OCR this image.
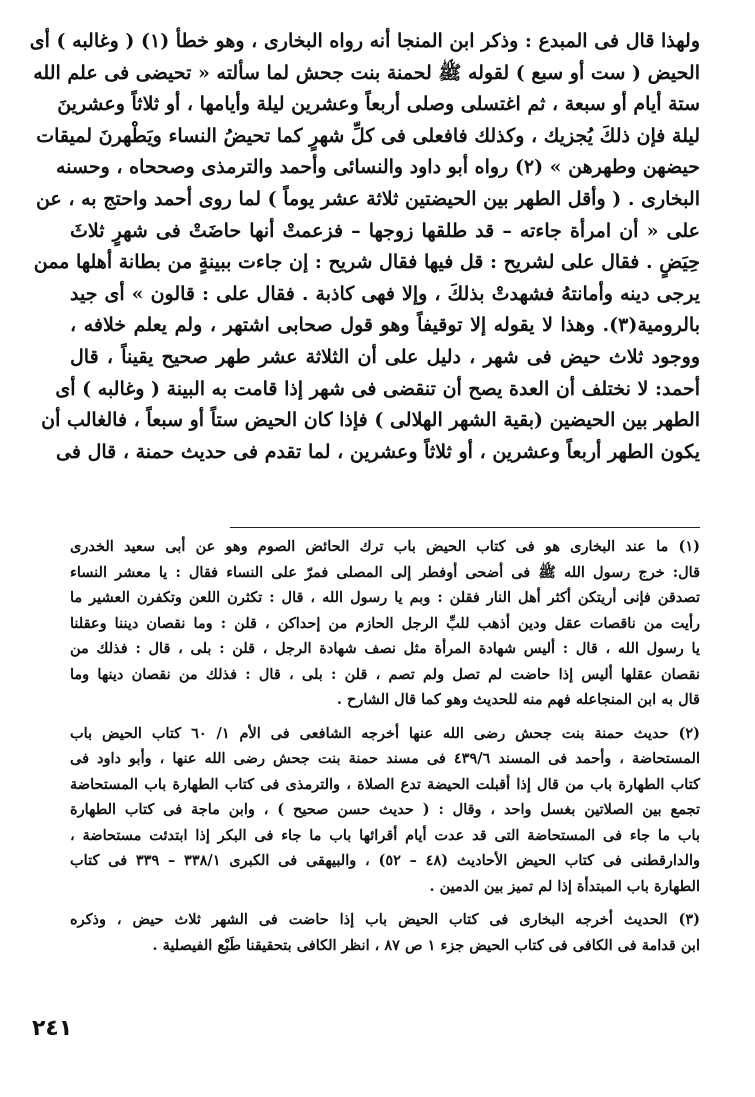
ولهذا قال فى المبدع : وذكر ابن المنجا أنه رواه البخارى ، وهو خطأ (١) ( وغالبه ) أى
الحيض ( ست أو سبع ) لقوله ﷺ لحمنة بنت جحش لما سألته « تحيضى فى علم الله
ستة أيام أو سبعة ، ثم اغتسلى وصلى أربعاً وعشرين ليلة وأيامها ، أو ثلاثاً وعشرينَ
ليلة فإن ذلكَ يُجزيك ، وكذلك فافعلى فى كلِّ شهرٍ كما تحيضُ النساء ويَطْهرنَ لميقات
حيضهن وطهرهن » (٢) رواه أبو داود والنسائى وأحمد والترمذى وصححاه ، وحسنه
البخارى . ( وأقل الطهر بين الحيضتين ثلاثة عشر يوماً ) لما روى أحمد واحتج به ، عن
على « أن امرأة جاءته – قد طلقها زوجها – فزعمتْ أنها حاضَتْ فى شهرٍ ثلاثَ
حِيَضٍ . فقال على لشريح : قل فيها فقال شريح : إن جاءت ببينةٍ من بطانة أهلها ممن
يرجى دينه وأمانتهُ فشهدتْ بذلكَ ، وإلا فهى كاذبة . فقال على : قالون » أى جيد
بالرومية(٣). وهذا لا يقوله إلا توقيفاً وهو قول صحابى اشتهر ، ولم يعلم خلافه ،
ووجود ثلاث حيض فى شهر ، دليل على أن الثلاثة عشر طهر صحيح يقيناً ، قال
أحمد: لا نختلف أن العدة يصح أن تنقضى فى شهر إذا قامت به البينة ( وغالبه ) أى
الطهر بين الحيضين (بقية الشهر الهلالى ) فإذا كان الحيض ستاً أو سبعاً ، فالغالب أن
يكون الطهر أربعاً وعشرين ، أو ثلاثاً وعشرين ، لما تقدم فى حديث حمنة ، قال فى
(١) ما عند البخارى هو فى كتاب الحيض باب ترك الحائض الصوم وهو عن أبى سعيد الخدرى
قال: خرج رسول الله ﷺ فى أضحى أوفطر إلى المصلى فمرّ على النساء فقال : يا معشر النساء
تصدقن فإنى أريتكن أكثر أهل النار فقلن : وبم يا رسول الله ، قال : تكثرن اللعن وتكفرن العشير ما
رأيت من ناقصات عقل ودين أذهب للبِّ الرجل الحازم من إحداكن ، قلن : وما نقصان ديننا وعقلنا
يا رسول الله ، قال : أليس شهادة المرأة مثل نصف شهادة الرجل ، قلن : بلى ، قال : فذلك من
نقصان عقلها أليس إذا حاضت لم تصل ولم تصم ، قلن : بلى ، قال : فذلك من نقصان دينها وما
قال به ابن المنجاعله فهم منه للحديث وهو كما قال الشارح .
(٢) حديث حمنة بنت جحش رضى الله عنها أخرجه الشافعى فى الأم ١/ ٦٠ كتاب الحيض باب
المستحاضة ، وأحمد فى المسند ٤٣٩/٦ فى مسند حمنة بنت جحش رضى الله عنها ، وأبو داود فى
كتاب الطهارة باب من قال إذا أقبلت الحيضة تدع الصلاة ، والترمذى فى كتاب الطهارة باب المستحاضة
تجمع بين الصلاتين بغسل واحد ، وقال : ( حديث حسن صحيح ) ، وابن ماجة فى كتاب الطهارة
باب ما جاء فى المستحاضة التى قد عدت أيام أقرائها باب ما جاء فى البكر إذا ابتدئت مستحاضة ،
والدارقطنى فى كتاب الحيض الأحاديث (٤٨ – ٥٢) ، والبيهقى فى الكبرى ٣٣٨/١ – ٣٣٩ فى كتاب
الطهارة باب المبتدأة إذا لم تميز بين الدمين .
(٣) الحديث أخرجه البخارى فى كتاب الحيض باب إذا حاضت فى الشهر ثلاث حيض ، وذكره
ابن قدامة فى الكافى فى كتاب الحيض جزء ١ ص ٨٧ ، انظر الكافى بتحقيقنا طَبْع الفيصلية .
٢٤١
